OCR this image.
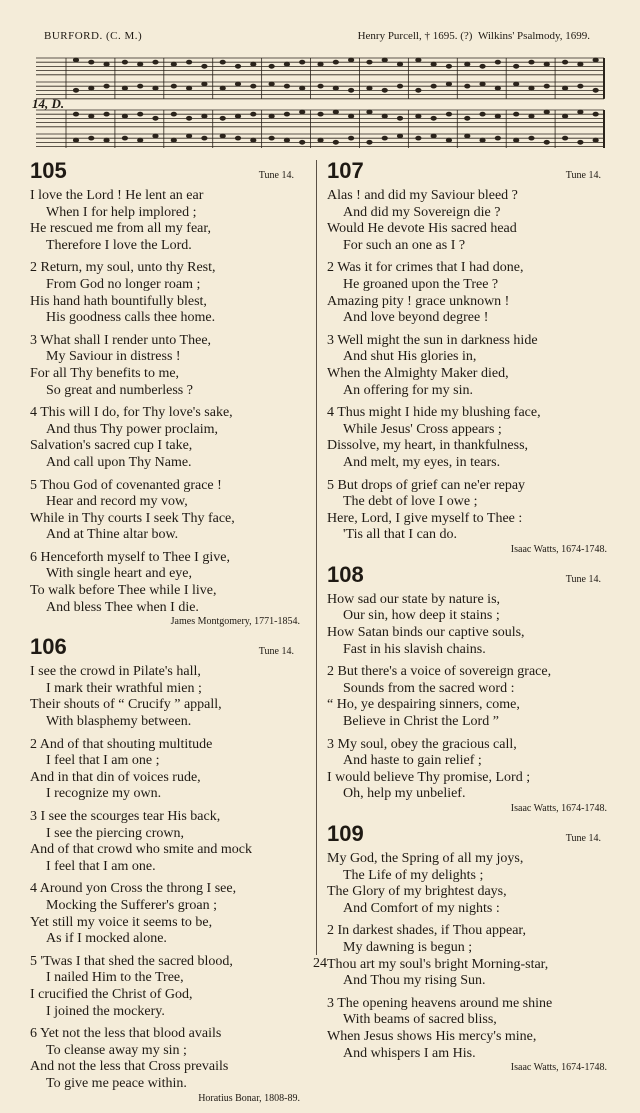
BURFORD. (C. M.)	Henry Purcell, † 1695. (?) Wilkins' Psalmody, 1699.
14, D.
105	Tune 14.
I love the Lord ! He lent an ear
When I for help implored ;
He rescued me from all my fear,
Therefore I love the Lord.
2 Return, my soul, unto thy Rest,
From God no longer roam ;
His hand hath bountifully blest,
His goodness calls thee home.
3 What shall I render unto Thee,
My Saviour in distress !
For all Thy benefits to me,
So great and numberless ?
4 This will I do, for Thy love's sake,
And thus Thy power proclaim,
Salvation's sacred cup I take,
And call upon Thy Name.
5 Thou God of covenanted grace !
Hear and record my vow,
While in Thy courts I seek Thy face,
And at Thine altar bow.
6 Henceforth myself to Thee I give,
With single heart and eye,
To walk before Thee while I live,
And bless Thee when I die.
James Montgomery, 1771-1854.
106	Tune 14.
I see the crowd in Pilate's hall,
I mark their wrathful mien ;
Their shouts of “ Crucify ” appall,
With blasphemy between.
2 And of that shouting multitude
I feel that I am one ;
And in that din of voices rude,
I recognize my own.
3 I see the scourges tear His back,
I see the piercing crown,
And of that crowd who smite and mock
I feel that I am one.
4 Around yon Cross the throng I see,
Mocking the Sufferer's groan ;
Yet still my voice it seems to be,
As if I mocked alone.
5 'Twas I that shed the sacred blood,
I nailed Him to the Tree,
I crucified the Christ of God,
I joined the mockery.
6 Yet not the less that blood avails
To cleanse away my sin ;
And not the less that Cross prevails
To give me peace within.
Horatius Bonar, 1808-89.
107	Tune 14.
Alas ! and did my Saviour bleed ?
And did my Sovereign die ?
Would He devote His sacred head
For such an one as I ?
2 Was it for crimes that I had done,
He groaned upon the Tree ?
Amazing pity ! grace unknown !
And love beyond degree !
3 Well might the sun in darkness hide
And shut His glories in,
When the Almighty Maker died,
An offering for my sin.
4 Thus might I hide my blushing face,
While Jesus' Cross appears ;
Dissolve, my heart, in thankfulness,
And melt, my eyes, in tears.
5 But drops of grief can ne'er repay
The debt of love I owe ;
Here, Lord, I give myself to Thee :
'Tis all that I can do.
Isaac Watts, 1674-1748.
108	Tune 14.
How sad our state by nature is,
Our sin, how deep it stains ;
How Satan binds our captive souls,
Fast in his slavish chains.
2 But there's a voice of sovereign grace,
Sounds from the sacred word :
“ Ho, ye despairing sinners, come,
Believe in Christ the Lord ”
3 My soul, obey the gracious call,
And haste to gain relief ;
I would believe Thy promise, Lord ;
Oh, help my unbelief.
Isaac Watts, 1674-1748.
109	Tune 14.
My God, the Spring of all my joys,
The Life of my delights ;
The Glory of my brightest days,
And Comfort of my nights :
2 In darkest shades, if Thou appear,
My dawning is begun ;
Thou art my soul's bright Morning-star,
And Thou my rising Sun.
3 The opening heavens around me shine
With beams of sacred bliss,
When Jesus shows His mercy's mine,
And whispers I am His.
Isaac Watts, 1674-1748.
24
